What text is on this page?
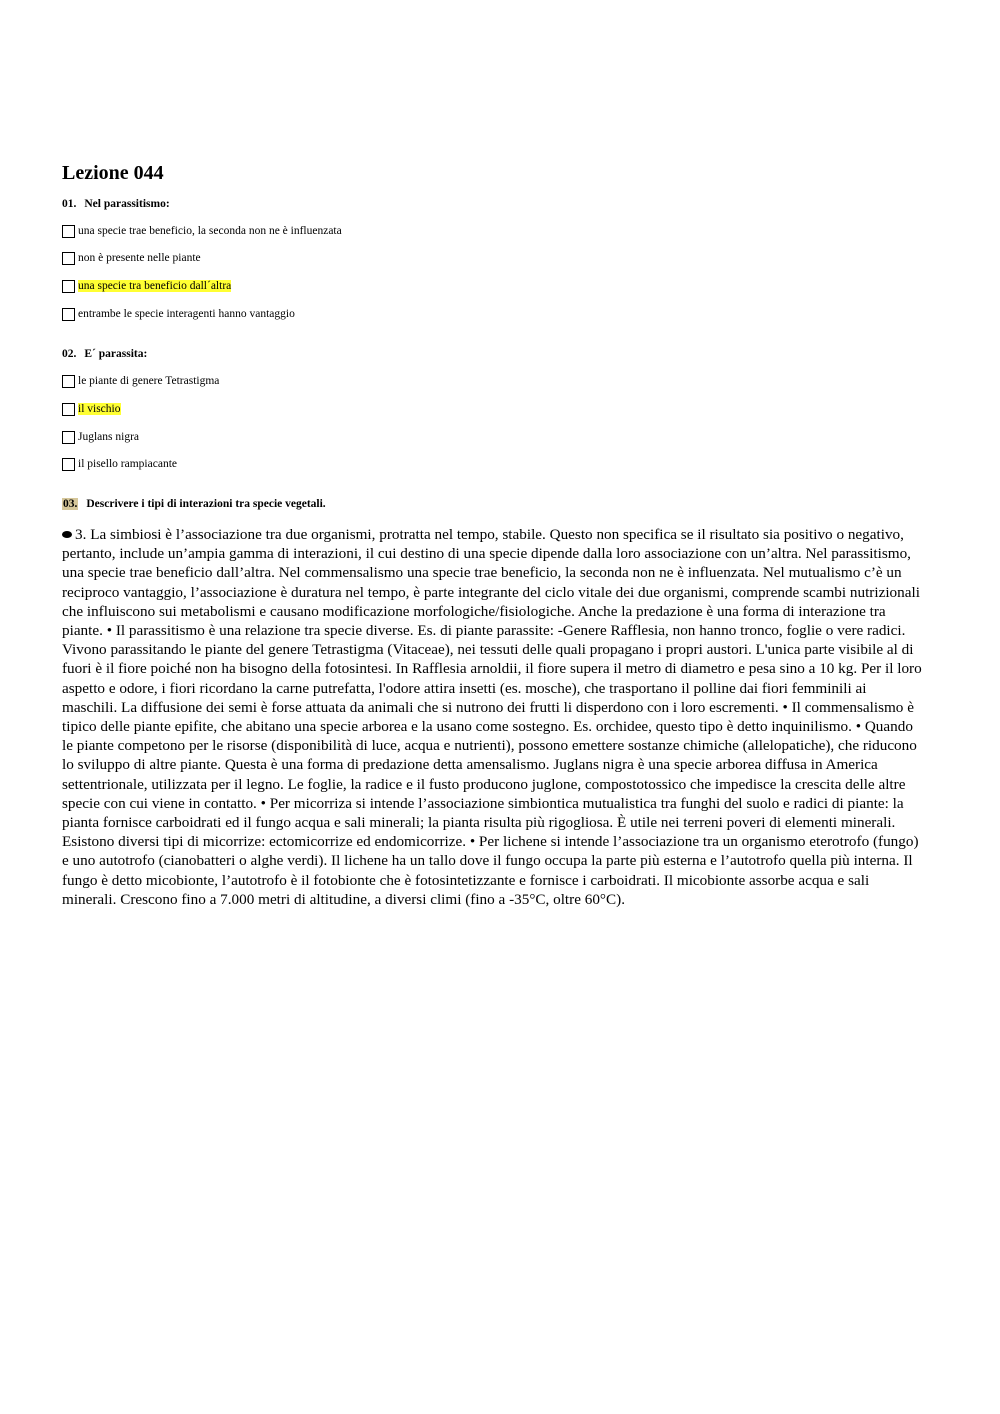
Lezione 044
01. Nel parassitismo:
una specie trae beneficio, la seconda non ne è influenzata
non è presente nelle piante
una specie tra beneficio dall´altra
entrambe le specie interagenti hanno vantaggio
02. E´ parassita:
le piante di genere Tetrastigma
il vischio
Juglans nigra
il pisello rampiacante
03. Descrivere i tipi di interazioni tra specie vegetali.

3. La simbiosi è l’associazione tra due organismi, protratta nel tempo, stabile. Questo non specifica se il risultato sia positivo o negativo, pertanto, include un’ampia gamma di interazioni, il cui destino di una specie dipende dalla loro associazione con un’altra. Nel parassitismo, una specie trae beneficio dall’altra. Nel commensalismo una specie trae beneficio, la seconda non ne è influenzata. Nel mutualismo c’è un reciproco vantaggio, l’associazione è duratura nel tempo, è parte integrante del ciclo vitale dei due organismi, comprende scambi nutrizionali che influiscono sui metabolismi e causano modificazione morfologiche/fisiologiche. Anche la predazione è una forma di interazione tra piante. • Il parassitismo è una relazione tra specie diverse. Es. di piante parassite: -Genere Rafflesia, non hanno tronco, foglie o vere radici. Vivono parassitando le piante del genere Tetrastigma (Vitaceae), nei tessuti delle quali propagano i propri austori. L'unica parte visibile al di fuori è il fiore poiché non ha bisogno della fotosintesi. In Rafflesia arnoldii, il fiore supera il metro di diametro e pesa sino a 10 kg. Per il loro aspetto e odore, i fiori ricordano la carne putrefatta, l'odore attira insetti (es. mosche), che trasportano il polline dai fiori femminili ai maschili. La diffusione dei semi è forse attuata da animali che si nutrono dei frutti li disperdono con i loro escrementi. • Il commensalismo è tipico delle piante epifite, che abitano una specie arborea e la usano come sostegno. Es. orchidee, questo tipo è detto inquinilismo. • Quando le piante competono per le risorse (disponibilità di luce, acqua e nutrienti), possono emettere sostanze chimiche (allelopatiche), che riducono lo sviluppo di altre piante. Questa è una forma di predazione detta amensalismo. Juglans nigra è una specie arborea diffusa in America settentrionale, utilizzata per il legno. Le foglie, la radice e il fusto producono juglone, compostotossico che impedisce la crescita delle altre specie con cui viene in contatto. • Per micorriza si intende l’associazione simbiontica mutualistica tra funghi del suolo e radici di piante: la pianta fornisce carboidrati ed il fungo acqua e sali minerali; la pianta risulta più rigogliosa. È utile nei terreni poveri di elementi minerali. Esistono diversi tipi di micorrize: ectomicorrize ed endomicorrize. • Per lichene si intende l’associazione tra un organismo eterotrofo (fungo) e uno autotrofo (cianobatteri o alghe verdi). Il lichene ha un tallo dove il fungo occupa la parte più esterna e l’autotrofo quella più interna. Il fungo è detto micobionte, l’autotrofo è il fotobionte che è fotosintetizzante e fornisce i carboidrati. Il micobionte assorbe acqua e sali minerali. Crescono fino a 7.000 metri di altitudine, a diversi climi (fino a -35°C, oltre 60°C).
